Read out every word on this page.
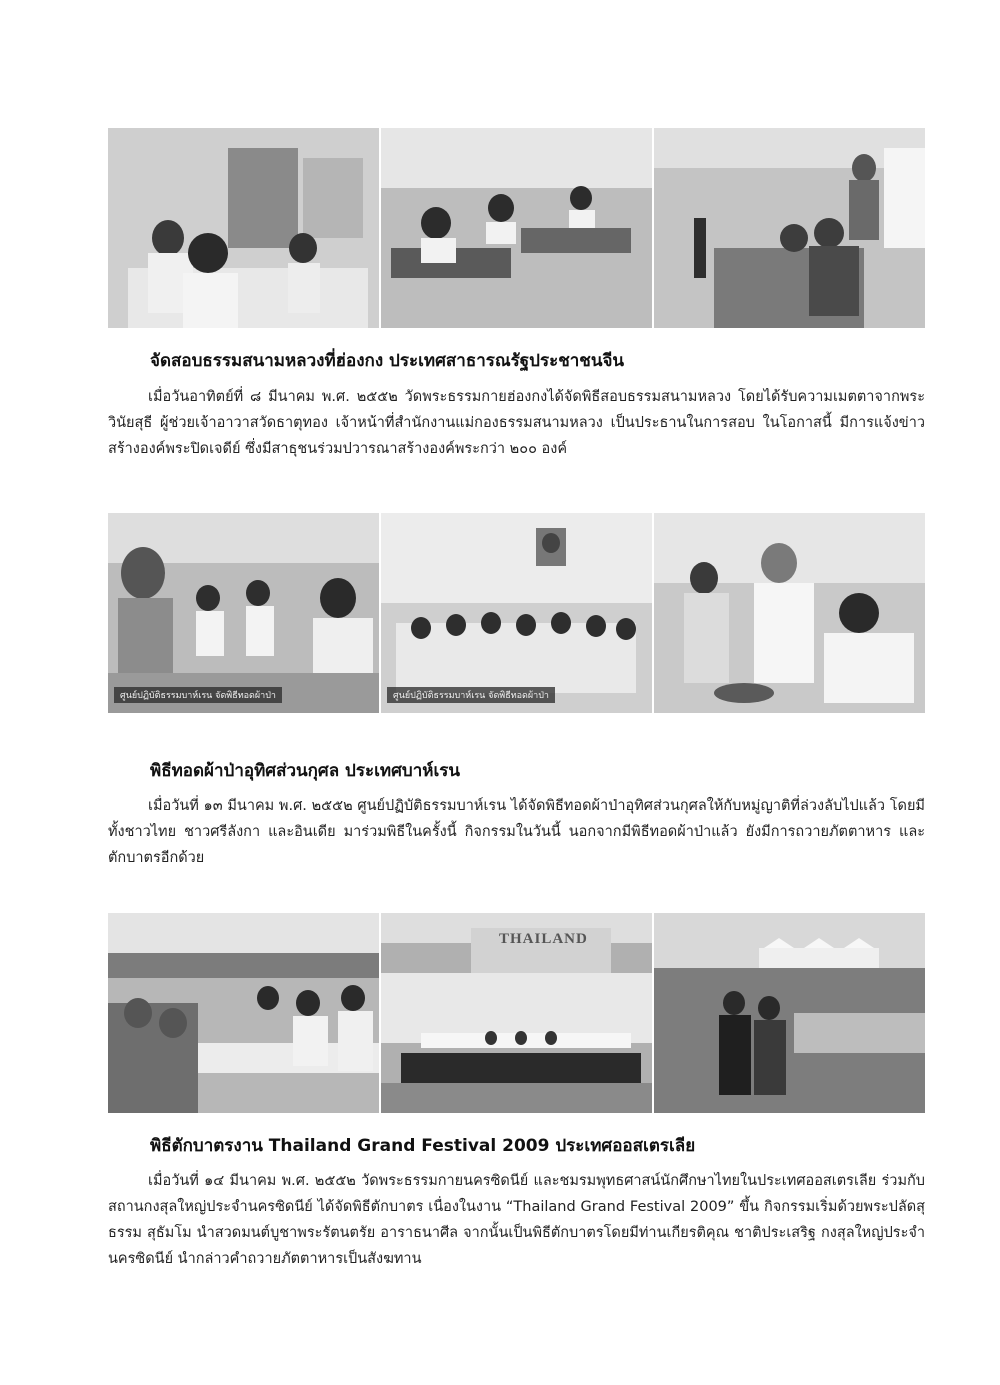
จัดสอบธรรมสนามหลวงที่ฮ่องกง ประเทศสาธารณรัฐประชาชนจีน

เมื่อวันอาทิตย์ที่ ๘ มีนาคม พ.ศ. ๒๕๕๒ วัดพระธรรมกายฮ่องกงได้จัดพิธีสอบธรรมสนามหลวง โดยได้รับความเมตตาจากพระวินัยสุธี ผู้ช่วยเจ้าอาวาสวัดธาตุทอง เจ้าหน้าที่สำนักงานแม่กองธรรมสนามหลวง เป็นประธานในการสอบ ในโอกาสนี้ มีการแจ้งข่าวสร้างองค์พระปิดเจดีย์ ซึ่งมีสาธุชนร่วมปวารณาสร้างองค์พระกว่า ๒๐๐ องค์

ศูนย์ปฏิบัติธรรมบาห์เรน จัดพิธีทอดผ้าป่า	ศูนย์ปฏิบัติธรรมบาห์เรน จัดพิธีทอดผ้าป่า

พิธีทอดผ้าป่าอุทิศส่วนกุศล ประเทศบาห์เรน

เมื่อวันที่ ๑๓ มีนาคม พ.ศ. ๒๕๕๒ ศูนย์ปฏิบัติธรรมบาห์เรน ได้จัดพิธีทอดผ้าป่าอุทิศส่วนกุศลให้กับหมู่ญาติที่ล่วงลับไปแล้ว โดยมีทั้งชาวไทย ชาวศรีลังกา และอินเดีย มาร่วมพิธีในครั้งนี้ กิจกรรมในวันนี้ นอกจากมีพิธีทอดผ้าป่าแล้ว ยังมีการถวายภัตตาหาร และตักบาตรอีกด้วย

THAILAND

พิธีตักบาตรงาน Thailand Grand Festival 2009 ประเทศออสเตรเลีย

เมื่อวันที่ ๑๔ มีนาคม พ.ศ. ๒๕๕๒ วัดพระธรรมกายนครซิดนีย์ และชมรมพุทธศาสน์นักศึกษาไทยในประเทศออสเตรเลีย ร่วมกับสถานกงสุลใหญ่ประจำนครซิดนีย์ ได้จัดพิธีตักบาตร เนื่องในงาน “Thailand Grand Festival 2009” ขึ้น กิจกรรมเริ่มด้วยพระปลัดสุธรรม สุธัมโม นำสวดมนต์บูชาพระรัตนตรัย อาราธนาศีล จากนั้นเป็นพิธีตักบาตรโดยมีท่านเกียรติคุณ ชาติประเสริฐ กงสุลใหญ่ประจำนครซิดนีย์ นำกล่าวคำถวายภัตตาหารเป็นสังฆทาน
